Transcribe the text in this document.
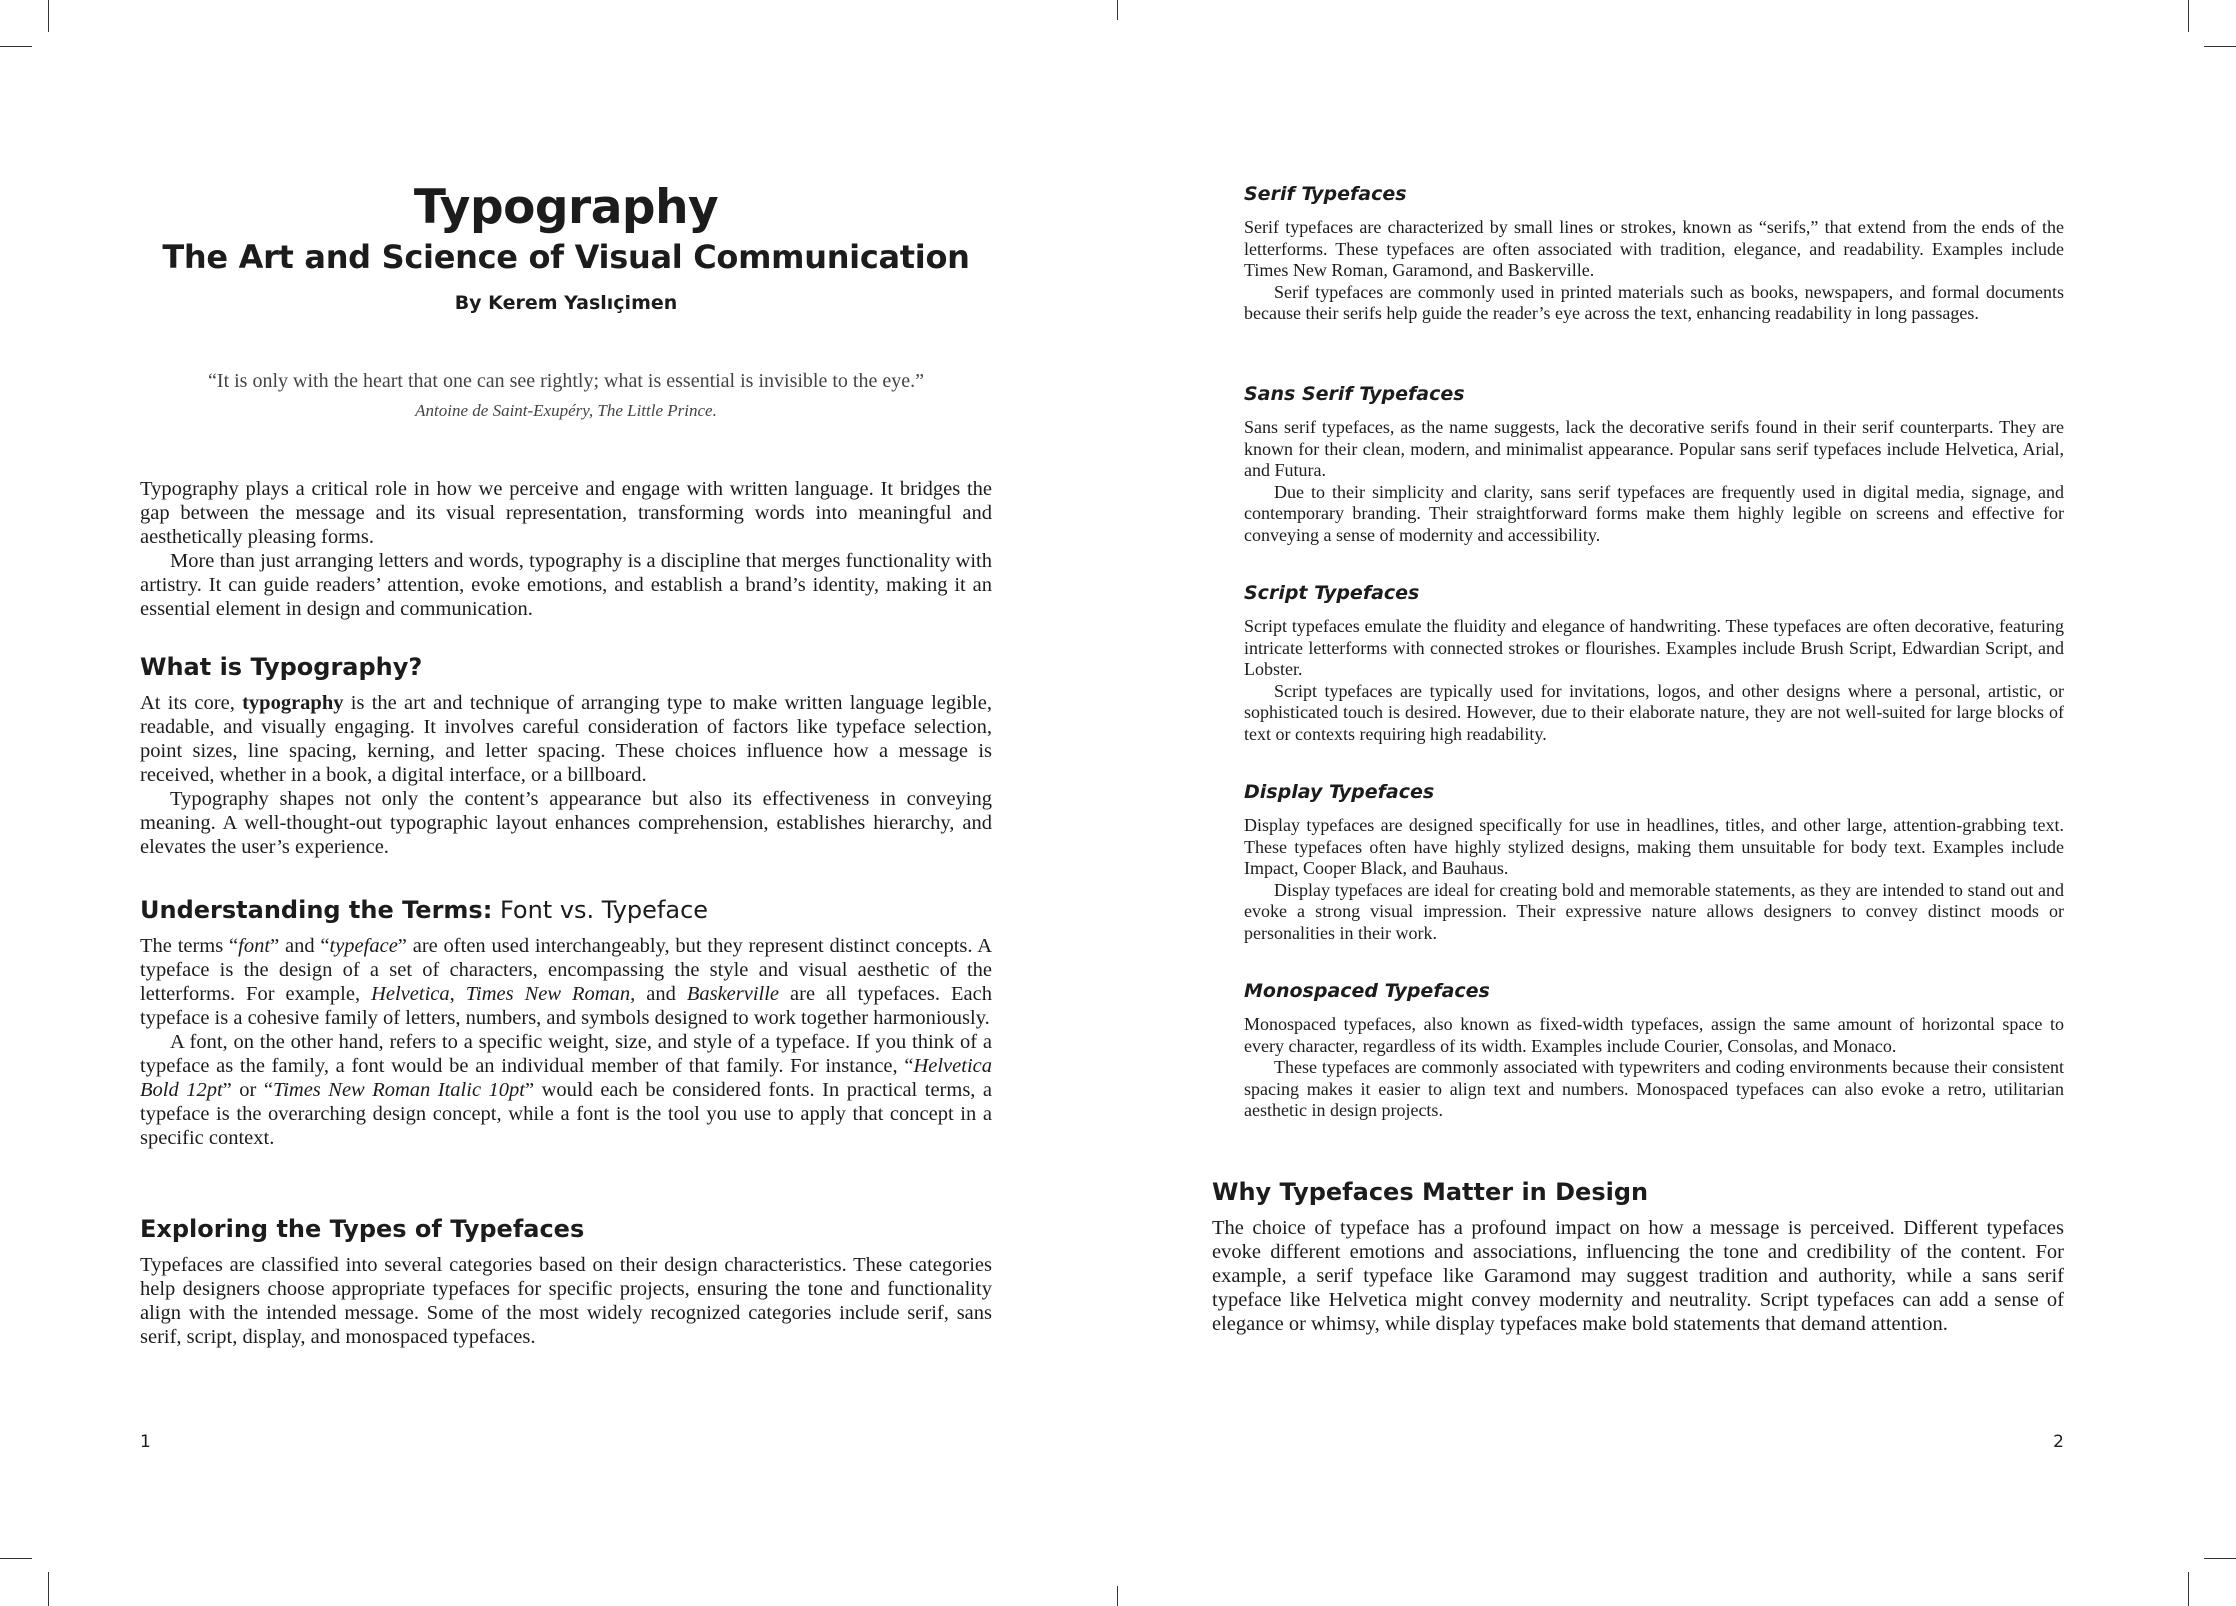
Typography
The Art and Science of Visual Communication
By Kerem Yaslıçimen
“It is only with the heart that one can see rightly; what is essential is invisible to the eye.”
Antoine de Saint-Exupéry, The Little Prince.

Typography plays a critical role in how we perceive and engage with written language. It bridges the gap between the message and its visual representation, transforming words into meaningful and aesthetically pleasing forms.

More than just arranging letters and words, typography is a discipline that merges functionality with artistry. It can guide readers’ attention, evoke emotions, and establish a brand’s identity, making it an essential element in design and communication.

What is Typography?

At its core, typography is the art and technique of arranging type to make written language legible, readable, and visually engaging. It involves careful consideration of factors like typeface selection, point sizes, line spacing, kerning, and letter spacing. These choices influence how a message is received, whether in a book, a digital interface, or a billboard.

Typography shapes not only the content’s appearance but also its effectiveness in conveying meaning. A well-thought-out typographic layout enhances comprehension, establishes hierarchy, and elevates the user’s experience.

Understanding the Terms: Font vs. Typeface

The terms “font” and “typeface” are often used interchangeably, but they represent distinct concepts. A typeface is the design of a set of characters, encompassing the style and visual aesthetic of the letterforms. For example, Helvetica, Times New Roman, and Baskerville are all typefaces. Each typeface is a cohesive family of letters, numbers, and symbols designed to work together harmoniously.

A font, on the other hand, refers to a specific weight, size, and style of a typeface. If you think of a typeface as the family, a font would be an individual member of that family. For instance, “Helvetica Bold 12pt” or “Times New Roman Italic 10pt” would each be considered fonts. In practical terms, a typeface is the overarching design concept, while a font is the tool you use to apply that concept in a specific context.

Exploring the Types of Typefaces

Typefaces are classified into several categories based on their design characteristics. These categories help designers choose appropriate typefaces for specific projects, ensuring the tone and functionality align with the intended message. Some of the most widely recognized categories include serif, sans serif, script, display, and monospaced typefaces.

1
Serif Typefaces

Serif typefaces are characterized by small lines or strokes, known as “serifs,” that extend from the ends of the letterforms. These typefaces are often associated with tradition, elegance, and readability. Examples include Times New Roman, Garamond, and Baskerville.

Serif typefaces are commonly used in printed materials such as books, newspapers, and formal documents because their serifs help guide the reader’s eye across the text, enhancing readability in long passages.

Sans Serif Typefaces

Sans serif typefaces, as the name suggests, lack the decorative serifs found in their serif counterparts. They are known for their clean, modern, and minimalist appearance. Popular sans serif typefaces include Helvetica, Arial, and Futura.

Due to their simplicity and clarity, sans serif typefaces are frequently used in digital media, signage, and contemporary branding. Their straightforward forms make them highly legible on screens and effective for conveying a sense of modernity and accessibility.

Script Typefaces

Script typefaces emulate the fluidity and elegance of handwriting. These typefaces are often decorative, featuring intricate letterforms with connected strokes or flourishes. Examples include Brush Script, Edwardian Script, and Lobster.

Script typefaces are typically used for invitations, logos, and other designs where a personal, artistic, or sophisticated touch is desired. However, due to their elaborate nature, they are not well-suited for large blocks of text or contexts requiring high readability.

Display Typefaces

Display typefaces are designed specifically for use in headlines, titles, and other large, attention-grabbing text. These typefaces often have highly stylized designs, making them unsuitable for body text. Examples include Impact, Cooper Black, and Bauhaus.

Display typefaces are ideal for creating bold and memorable statements, as they are intended to stand out and evoke a strong visual impression. Their expressive nature allows designers to convey distinct moods or personalities in their work.

Monospaced Typefaces

Monospaced typefaces, also known as fixed-width typefaces, assign the same amount of horizontal space to every character, regardless of its width. Examples include Courier, Consolas, and Monaco.

These typefaces are commonly associated with typewriters and coding environments because their consistent spacing makes it easier to align text and numbers. Monospaced typefaces can also evoke a retro, utilitarian aesthetic in design projects.

Why Typefaces Matter in Design

The choice of typeface has a profound impact on how a message is perceived. Different typefaces evoke different emotions and associations, influencing the tone and credibility of the content. For example, a serif typeface like Garamond may suggest tradition and authority, while a sans serif typeface like Helvetica might convey modernity and neutrality. Script typefaces can add a sense of elegance or whimsy, while display typefaces make bold statements that demand attention.

2
